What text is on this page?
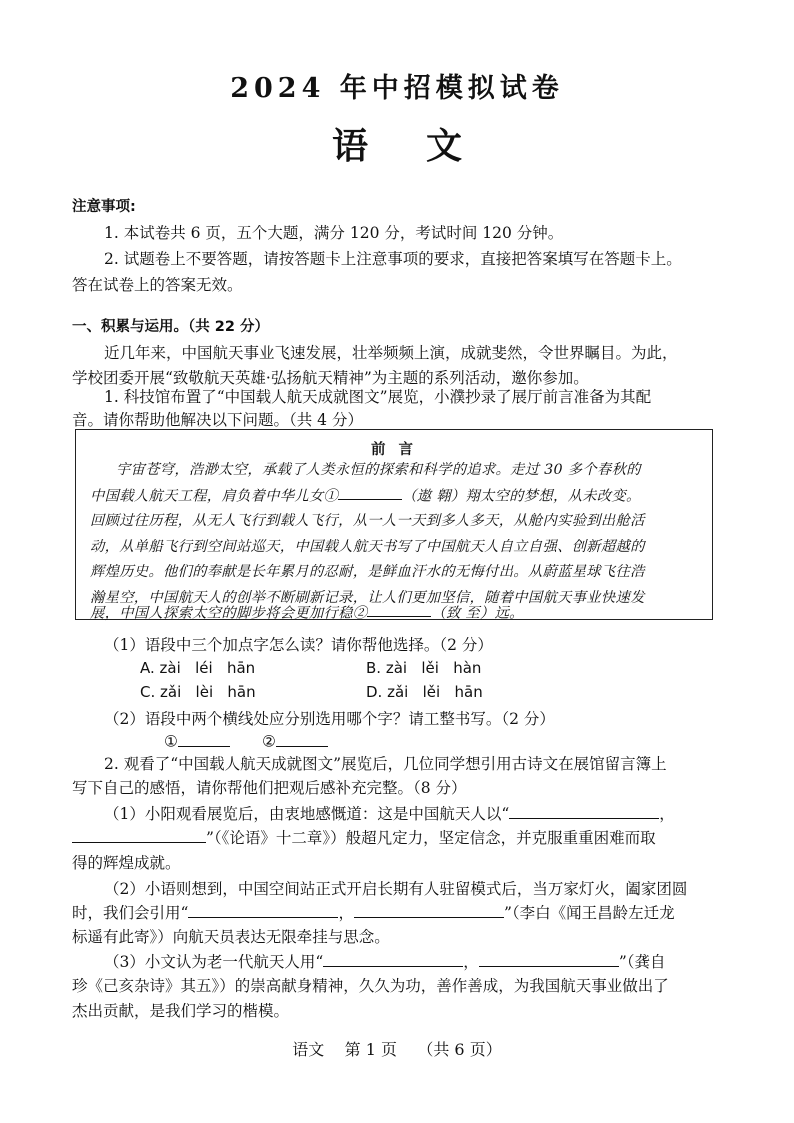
2024 年中招模拟试卷
语文
注意事项:
1. 本试卷共 6 页，五个大题，满分 120 分，考试时间 120 分钟。
2. 试题卷上不要答题，请按答题卡上注意事项的要求，直接把答案填写在答题卡上。
答在试卷上的答案无效。
一、积累与运用。（共 22 分）
近几年来，中国航天事业飞速发展，壮举频频上演，成就斐然，令世界瞩目。为此，
学校团委开展“致敬航天英雄·弘扬航天精神”为主题的系列活动，邀你参加。
1. 科技馆布置了“中国载人航天成就图文”展览，小濮抄录了展厅前言准备为其配
音。请你帮助他解决以下问题。（共 4 分）
前 言
宇宙苍穹，浩渺太空，承载了人类永恒的探索和科学的追求。走过 30 多个春秋的
中国载人航天工程，肩负着中华儿女①	（遨 翱）翔太空的梦想，从未改变。
回顾过往历程，从无人飞行到载人飞行，从一人一天到多人多天，从舱内实验到出舱活
动，从单船飞行到空间站巡天，中国载人航天书写了中国航天人自立自强、创新超越的
辉煌历史。他们的奉献是长年累月的忍耐，是鲜血汗水的无悔付出。从蔚蓝星球飞往浩
瀚星空，中国航天人的创举不断刷新记录，让人们更加坚信，随着中国航天事业快速发
展，中国人探索太空的脚步将会更加行稳②	（致 至）远。
（1）语段中三个加点字怎么读？请你帮他选择。（2 分）
A. zài   léi   hān	B. zài   lěi   hàn
C. zǎi   lèi   hān	D. zǎi   lěi   hān
（2）语段中两个横线处应分别选用哪个字？请工整书写。（2 分）
①	②
2. 观看了“中国载人航天成就图文”展览后，几位同学想引用古诗文在展馆留言簿上
写下自己的感悟，请你帮他们把观后感补充完整。（8 分）
（1）小阳观看展览后，由衷地感慨道：这是中国航天人以“	，
”（《论语》十二章》）般超凡定力，坚定信念，并克服重重困难而取
得的辉煌成就。
（2）小语则想到，中国空间站正式开启长期有人驻留模式后，当万家灯火，阖家团圆
时，我们会引用“	，	”（李白《闻王昌龄左迁龙
标遥有此寄》）向航天员表达无限牵挂与思念。
（3）小文认为老一代航天人用“	，	”（龚自
珍《己亥杂诗》其五》）的崇高献身精神，久久为功，善作善成，为我国航天事业做出了
杰出贡献，是我们学习的楷模。
语文    第 1 页    （共 6 页）
